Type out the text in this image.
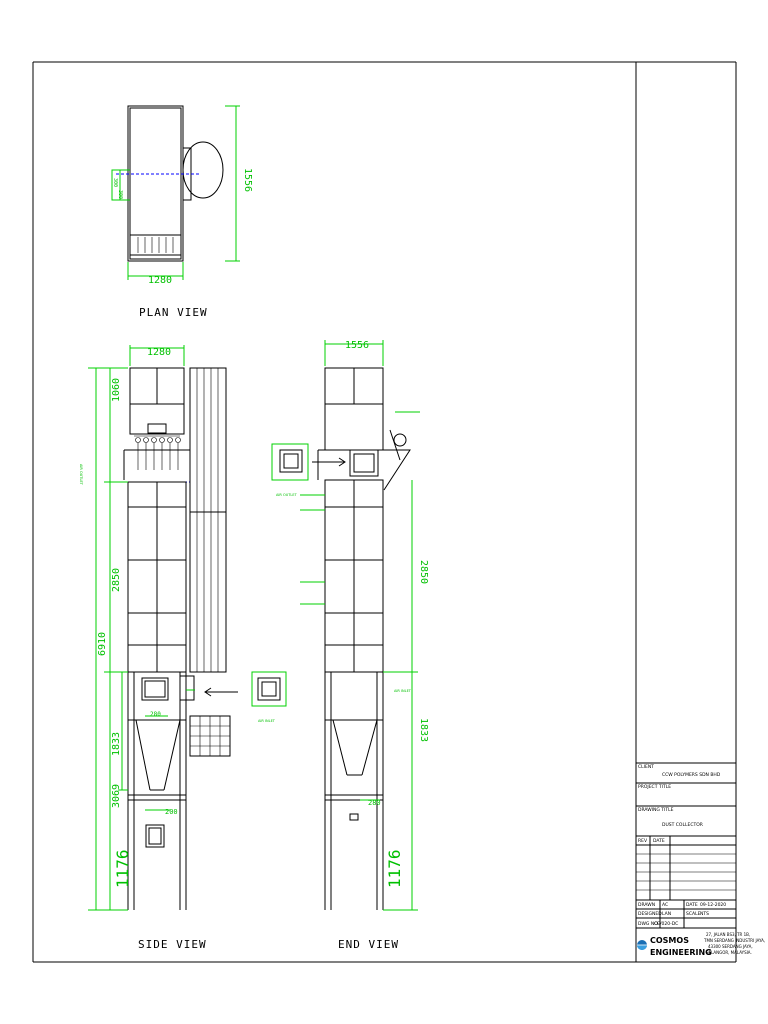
1280
1556
300
300
PLAN VIEW
1280
1060
2850
6910
1833
3069
1176
280
200
AIR OUTLET
AIR INLET
SIDE VIEW
1556
2850
1833
1176
280
AIR OUTLET
AIR INLET
END VIEW
CLIENT
CCW POLYMERS SDN BHD
PROJECT TITLE
DRAWING TITLE
DUST COLLECTOR
REV DATE
DRAWN AC	DATE 09-12-2020
DESIGNED LAN	SCALE NTS
DWG NO.
CE/020-DC
COSMOS
ENGINEERING
27, JALAN BS3, TR 1B,
TMN SERDANG INDUSTRI JAYA,
43300 SERDANG JAYA,
SELANGOR, MALAYSIA.
